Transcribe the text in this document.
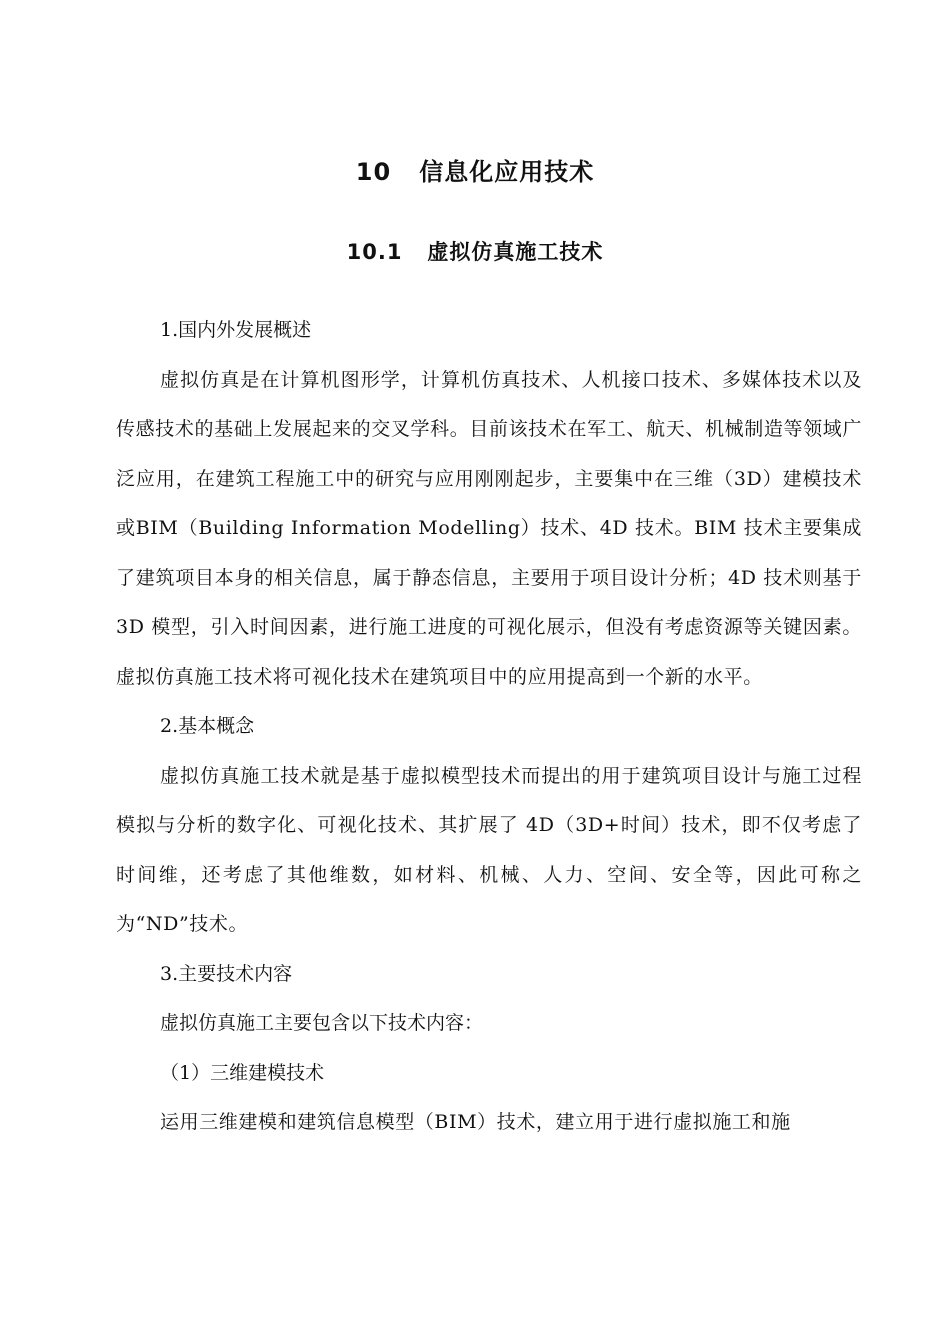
10   信息化应用技术
10.1   虚拟仿真施工技术

1.国内外发展概述

虚拟仿真是在计算机图形学，计算机仿真技术、人机接口技术、多媒体技术以及传感技术的基础上发展起来的交叉学科。目前该技术在军工、航天、机械制造等领域广泛应用，在建筑工程施工中的研究与应用刚刚起步，主要集中在三维（3D）建模技术或BIM（Building Information Modelling）技术、4D 技术。BIM 技术主要集成了建筑项目本身的相关信息，属于静态信息，主要用于项目设计分析；4D 技术则基于 3D 模型，引入时间因素，进行施工进度的可视化展示，但没有考虑资源等关键因素。虚拟仿真施工技术将可视化技术在建筑项目中的应用提高到一个新的水平。

2.基本概念

虚拟仿真施工技术就是基于虚拟模型技术而提出的用于建筑项目设计与施工过程模拟与分析的数字化、可视化技术、其扩展了 4D（3D+时间）技术，即不仅考虑了时间维，还考虑了其他维数，如材料、机械、人力、空间、安全等，因此可称之为“ND”技术。

3.主要技术内容

虚拟仿真施工主要包含以下技术内容：

（1）三维建模技术

运用三维建模和建筑信息模型（BIM）技术，建立用于进行虚拟施工和施
